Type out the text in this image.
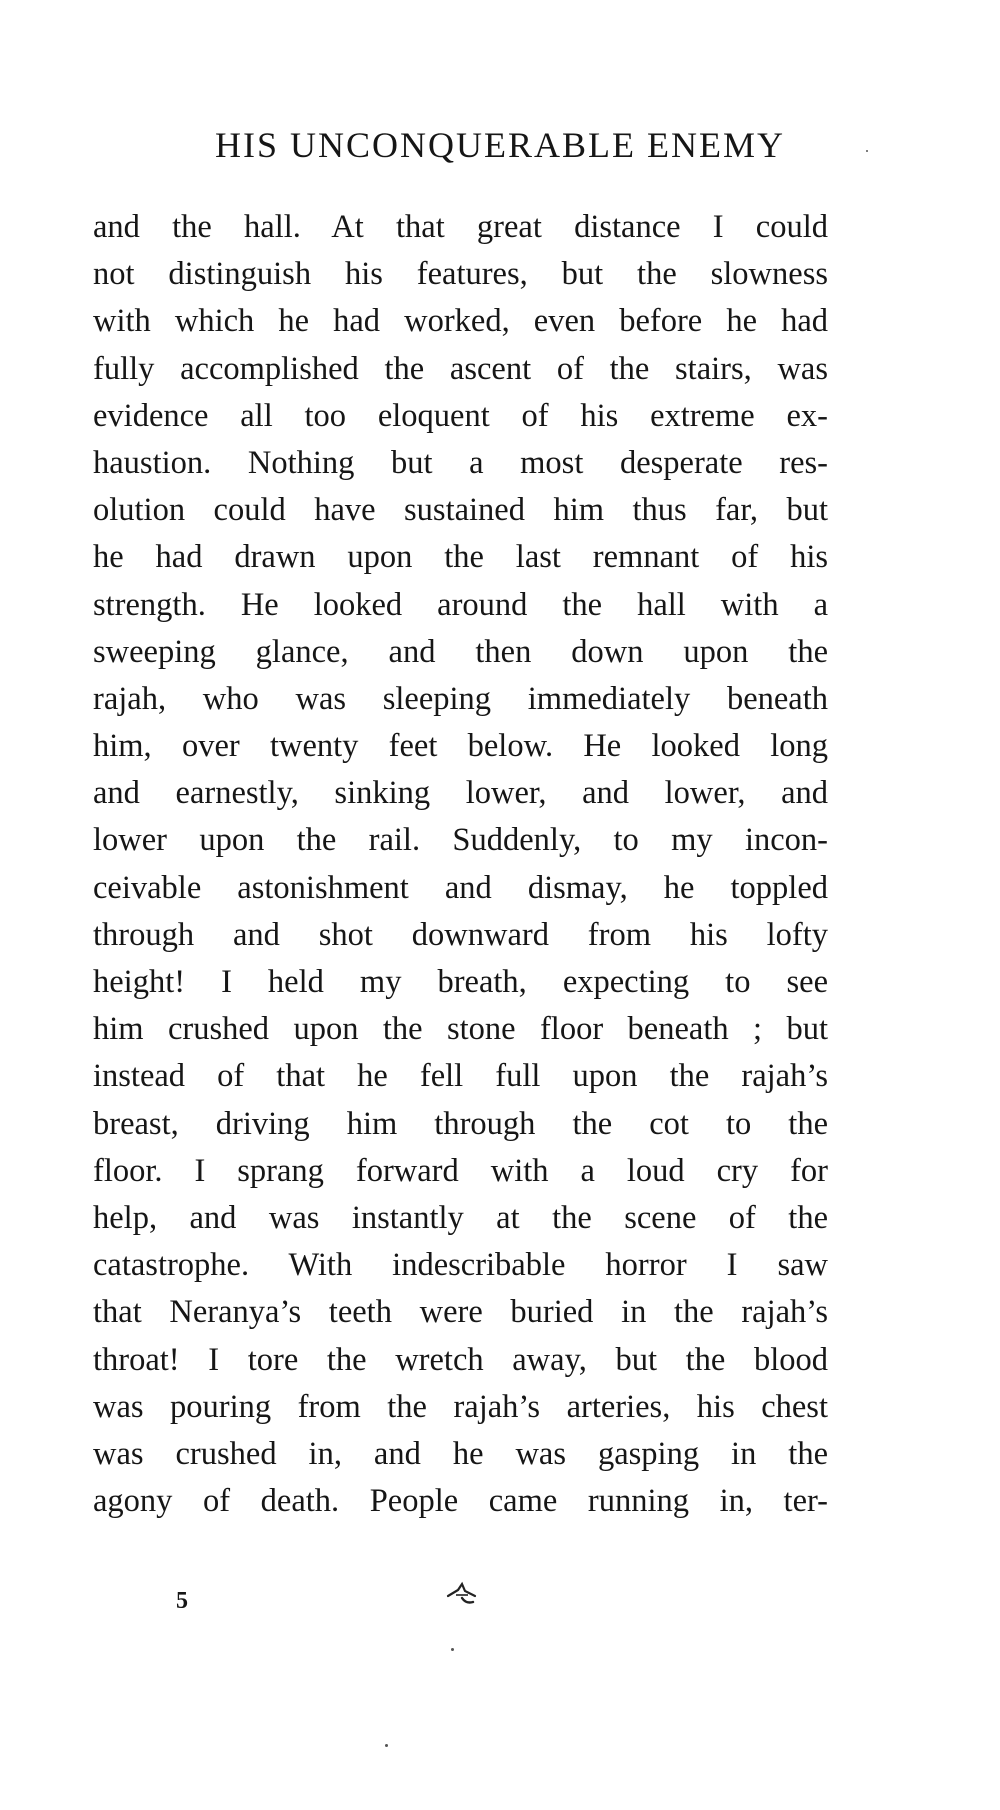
HIS UNCONQUERABLE ENEMY
and the hall. At that great distance I could
not distinguish his features, but the slowness
with which he had worked, even before he had
fully accomplished the ascent of the stairs, was
evidence all too eloquent of his extreme ex-
haustion. Nothing but a most desperate res-
olution could have sustained him thus far, but
he had drawn upon the last remnant of his
strength. He looked around the hall with a
sweeping glance, and then down upon the
rajah, who was sleeping immediately beneath
him, over twenty feet below. He looked long
and earnestly, sinking lower, and lower, and
lower upon the rail. Suddenly, to my incon-
ceivable astonishment and dismay, he toppled
through and shot downward from his lofty
height! I held my breath, expecting to see
him crushed upon the stone floor beneath ; but
instead of that he fell full upon the rajah’s
breast, driving him through the cot to the
floor. I sprang forward with a loud cry for
help, and was instantly at the scene of the
catastrophe. With indescribable horror I saw
that Neranya’s teeth were buried in the rajah’s
throat! I tore the wretch away, but the blood
was pouring from the rajah’s arteries, his chest
was crushed in, and he was gasping in the
agony of death. People came running in, ter-
5
